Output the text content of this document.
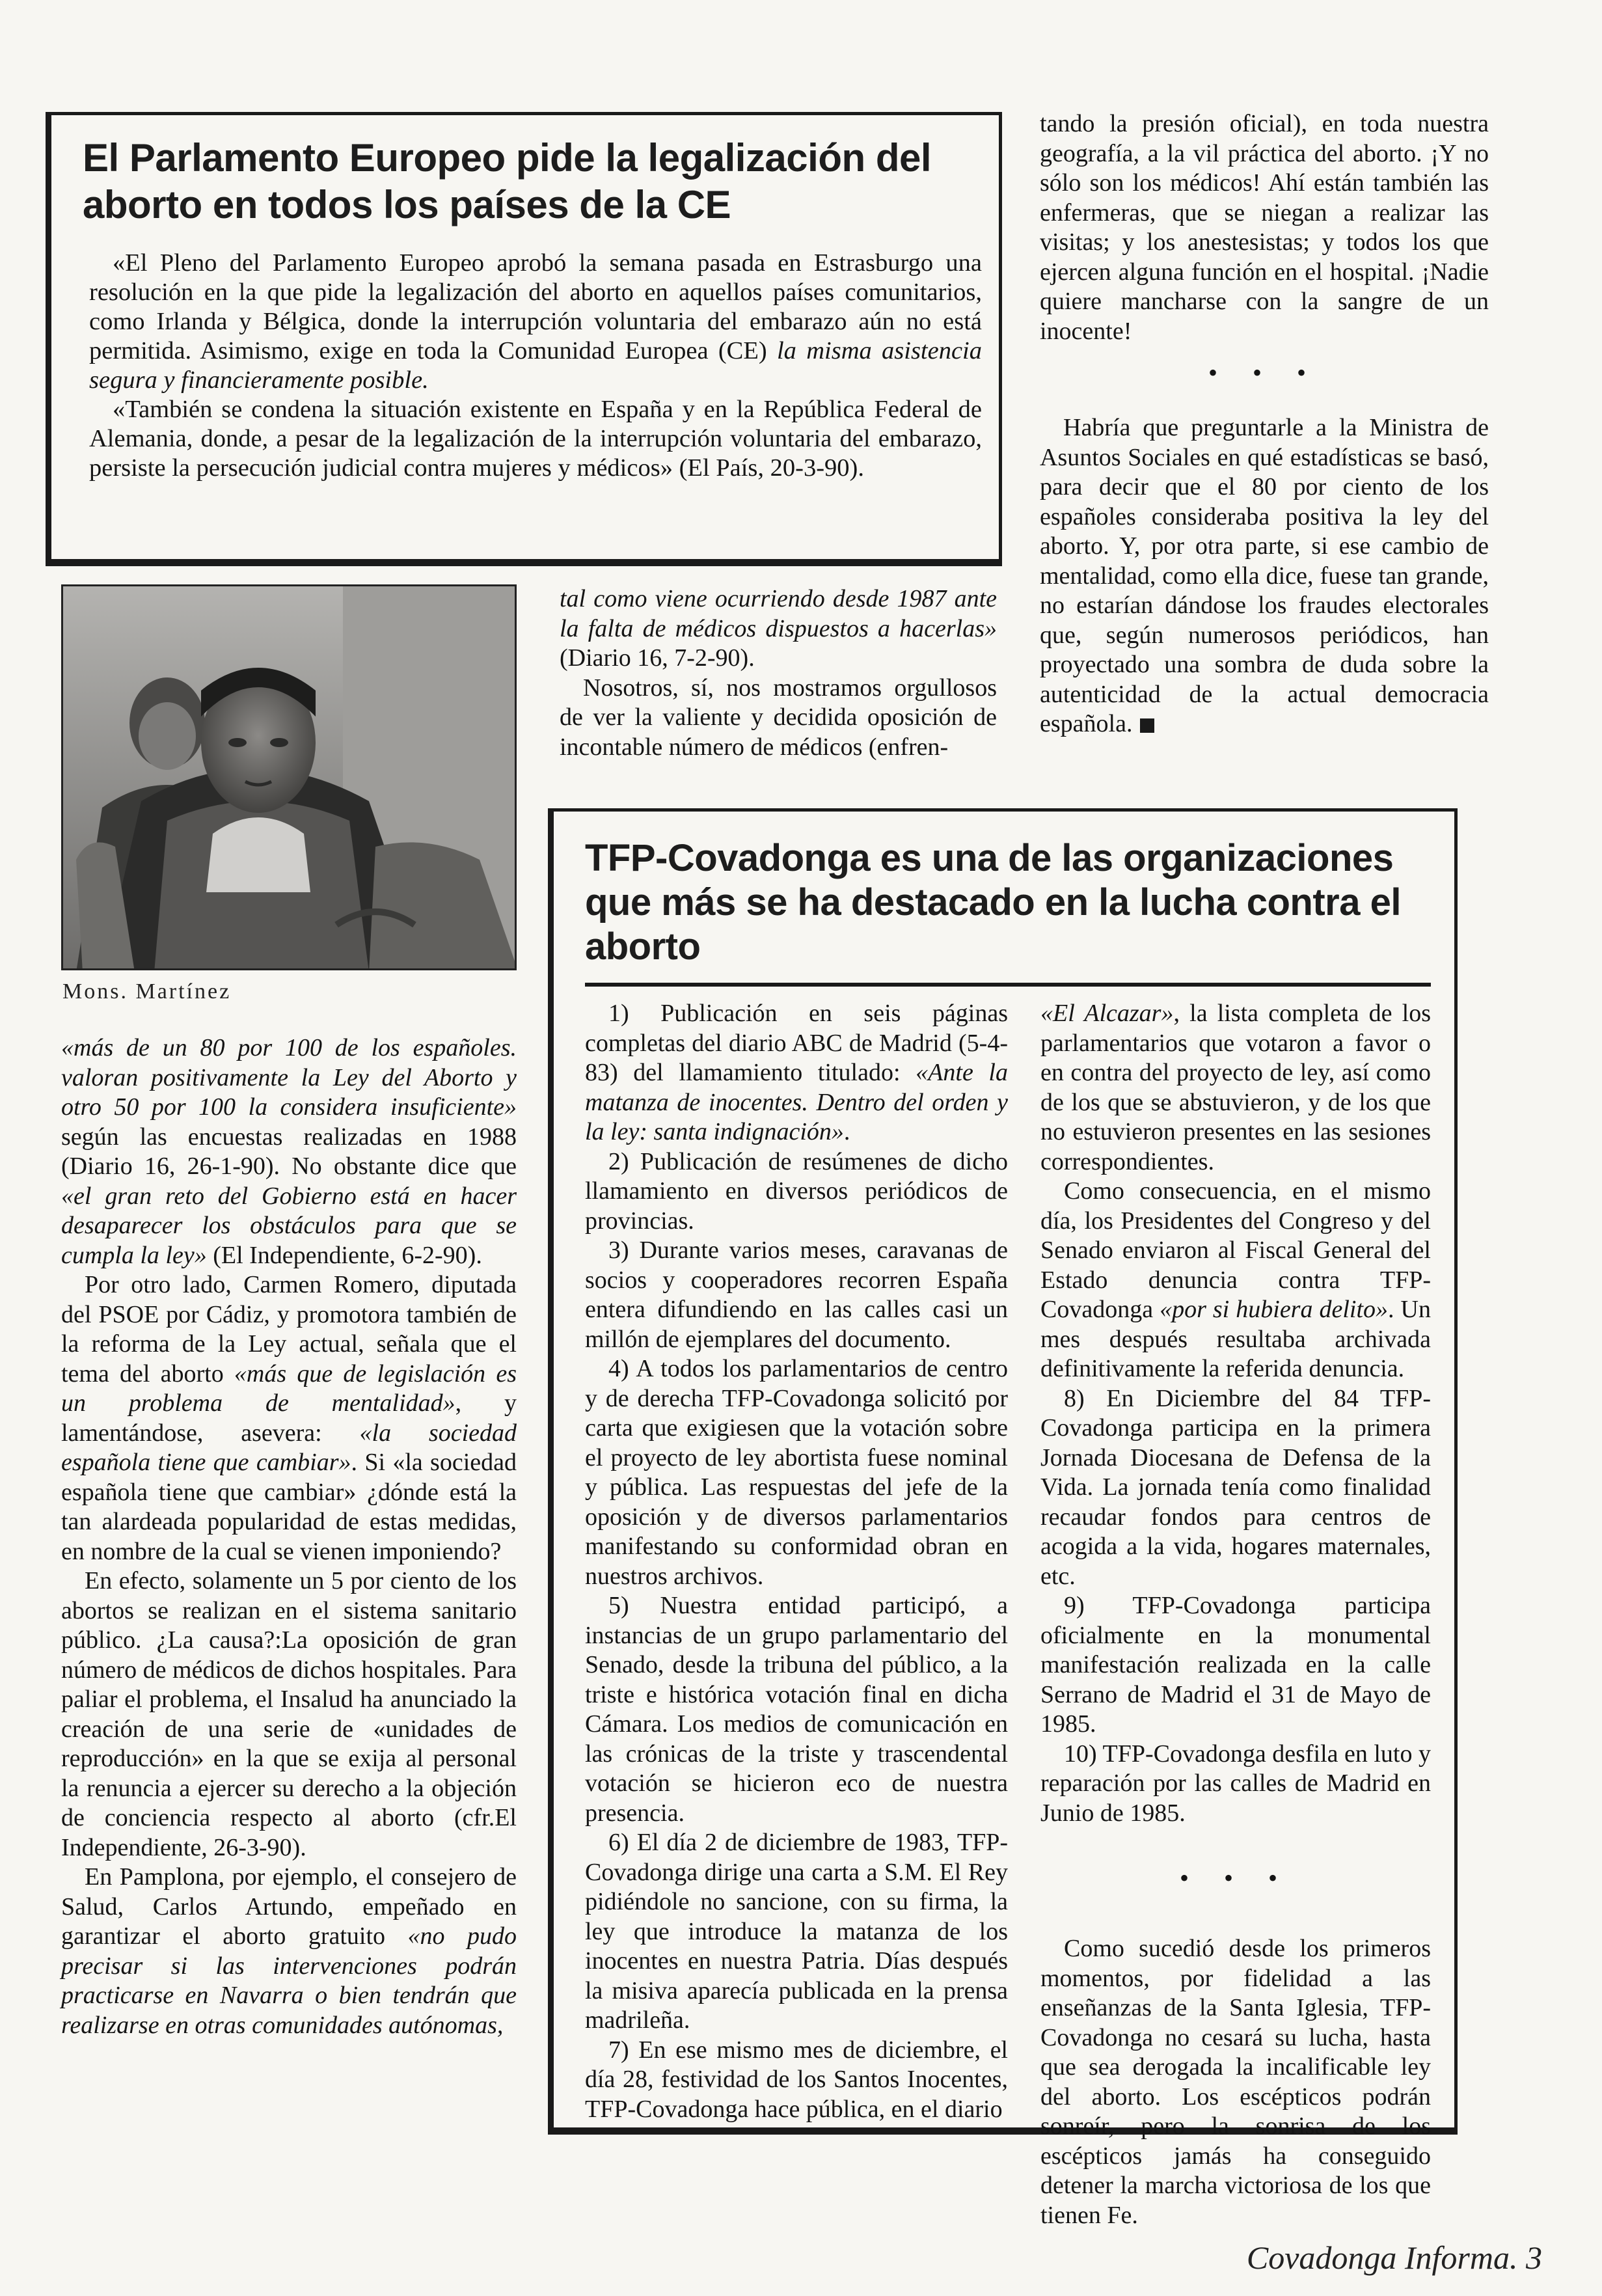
El Parlamento Europeo pide la legalización del aborto en todos los países de la CE

«El Pleno del Parlamento Europeo aprobó la semana pasada en Estrasburgo una resolución en la que pide la legalización del aborto en aquellos países comunitarios, como Irlanda y Bélgica, donde la interrupción voluntaria del embarazo aún no está permitida. Asimismo, exige en toda la Comunidad Europea (CE) la misma asistencia segura y financieramente posible.

«También se condena la situación existente en España y en la República Federal de Alemania, donde, a pesar de la legalización de la interrupción voluntaria del embarazo, persiste la persecución judicial contra mujeres y médicos» (El País, 20-3-90).

Mons. Martínez

«más de un 80 por 100 de los españoles. valoran positivamente la Ley del Aborto y otro 50 por 100 la considera insuficiente» según las encuestas realizadas en 1988 (Diario 16, 26-1-90). No obstante dice que «el gran reto del Gobierno está en hacer desaparecer los obstáculos para que se cumpla la ley» (El Independiente, 6-2-90).

Por otro lado, Carmen Romero, diputada del PSOE por Cádiz, y promotora también de la reforma de la Ley actual, señala que el tema del aborto «más que de legislación es un problema de mentalidad», y lamentándose, asevera: «la sociedad española tiene que cambiar». Si «la sociedad española tiene que cambiar» ¿dónde está la tan alardeada popularidad de estas medidas, en nombre de la cual se vienen imponiendo?

En efecto, solamente un 5 por ciento de los abortos se realizan en el sistema sanitario público. ¿La causa?:La oposición de gran número de médicos de dichos hospitales. Para paliar el problema, el Insalud ha anunciado la creación de una serie de «unidades de reproducción» en la que se exija al personal la renuncia a ejercer su derecho a la objeción de conciencia respecto al aborto (cfr.El Independiente, 26-3-90).

En Pamplona, por ejemplo, el consejero de Salud, Carlos Artundo, empeñado en garantizar el aborto gratuito «no pudo precisar si las intervenciones podrán practicarse en Navarra o bien tendrán que realizarse en otras comunidades autónomas,

tal como viene ocurriendo desde 1987 ante la falta de médicos dispuestos a hacerlas» (Diario 16, 7-2-90).

Nosotros, sí, nos mostramos orgullosos de ver la valiente y decidida oposición de incontable número de médicos (enfren-

tando la presión oficial), en toda nuestra geografía, a la vil práctica del aborto. ¡Y no sólo son los médicos! Ahí están también las enfermeras, que se niegan a realizar las visitas; y los anestesistas; y todos los que ejercen alguna función en el hospital. ¡Nadie quiere mancharse con la sangre de un inocente!

• • •

Habría que preguntarle a la Ministra de Asuntos Sociales en qué estadísticas se basó, para decir que el 80 por ciento de los españoles consideraba positiva la ley del aborto. Y, por otra parte, si ese cambio de mentalidad, como ella dice, fuese tan grande, no estarían dándose los fraudes electorales que, según numerosos periódicos, han proyectado una sombra de duda sobre la autenticidad de la actual democracia española.

TFP-Covadonga es una de las organizaciones que más se ha destacado en la lucha contra el aborto

1) Publicación en seis páginas completas del diario ABC de Madrid (5-4-83) del llamamiento titulado: «Ante la matanza de inocentes. Dentro del orden y la ley: santa indignación».

2) Publicación de resúmenes de dicho llamamiento en diversos periódicos de provincias.

3) Durante varios meses, caravanas de socios y cooperadores recorren España entera difundiendo en las calles casi un millón de ejemplares del documento.

4) A todos los parlamentarios de centro y de derecha TFP-Covadonga solicitó por carta que exigiesen que la votación sobre el proyecto de ley abortista fuese nominal y pública. Las respuestas del jefe de la oposición y de diversos parlamentarios manifestando su conformidad obran en nuestros archivos.

5) Nuestra entidad participó, a instancias de un grupo parlamentario del Senado, desde la tribuna del público, a la triste e histórica votación final en dicha Cámara. Los medios de comunicación en las crónicas de la triste y trascendental votación se hicieron eco de nuestra presencia.

6) El día 2 de diciembre de 1983, TFP-Covadonga dirige una carta a S.M. El Rey pidiéndole no sancione, con su firma, la ley que introduce la matanza de los inocentes en nuestra Patria. Días después la misiva aparecía publicada en la prensa madrileña.

7) En ese mismo mes de diciembre, el día 28, festividad de los Santos Inocentes, TFP-Covadonga hace pública, en el diario

«El Alcazar», la lista completa de los parlamentarios que votaron a favor o en contra del proyecto de ley, así como de los que se abstuvieron, y de los que no estuvieron presentes en las sesiones correspondientes.

Como consecuencia, en el mismo día, los Presidentes del Congreso y del Senado enviaron al Fiscal General del Estado denuncia contra TFP-Covadonga «por si hubiera delito». Un mes después resultaba archivada definitivamente la referida denuncia.

8) En Diciembre del 84 TFP-Covadonga participa en la primera Jornada Diocesana de Defensa de la Vida. La jornada tenía como finalidad recaudar fondos para centros de acogida a la vida, hogares maternales, etc.

9) TFP-Covadonga participa oficialmente en la monumental manifestación realizada en la calle Serrano de Madrid el 31 de Mayo de 1985.

10) TFP-Covadonga desfila en luto y reparación por las calles de Madrid en Junio de 1985.

• • •

Como sucedió desde los primeros momentos, por fidelidad a las enseñanzas de la Santa Iglesia, TFP-Covadonga no cesará su lucha, hasta que sea derogada la incalificable ley del aborto. Los escépticos podrán sonreír, pero la sonrisa de los escépticos jamás ha conseguido detener la marcha victoriosa de los que tienen Fe.

Covadonga Informa. 3
